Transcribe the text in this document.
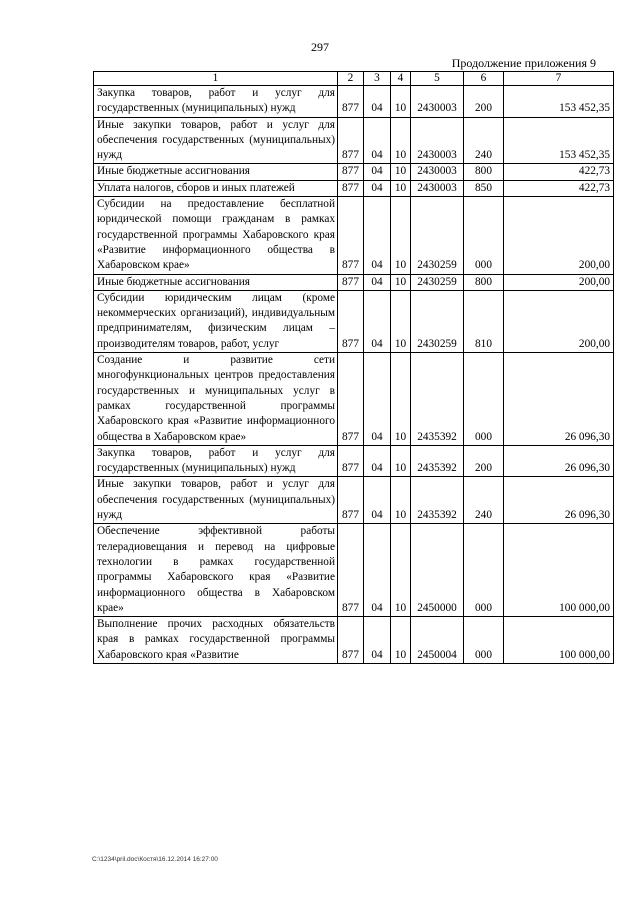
297
Продолжение приложения 9
1	2	3	4	5	6	7
Закупка товаров, работ и услуг для государственных (муниципальных) нужд	877	04	10	2430003	200	153 452,35
Иные закупки товаров, работ и услуг для обеспечения государственных (муниципальных) нужд	877	04	10	2430003	240	153 452,35
Иные бюджетные ассигнования	877	04	10	2430003	800	422,73
Уплата налогов, сборов и иных платежей	877	04	10	2430003	850	422,73
Субсидии на предоставление бесплатной юридической помощи гражданам в рамках государственной программы Хабаровского края «Развитие информационного общества в Хабаровском крае»	877	04	10	2430259	000	200,00
Иные бюджетные ассигнования	877	04	10	2430259	800	200,00
Субсидии юридическим лицам (кроме некоммерческих организаций), индивидуальным предпринимателям, физическим лицам – производителям товаров, работ, услуг	877	04	10	2430259	810	200,00
Создание и развитие сети многофункциональных центров предоставления государственных и муниципальных услуг в рамках государственной программы Хабаровского края «Развитие информационного общества в Хабаровском крае»	877	04	10	2435392	000	26 096,30
Закупка товаров, работ и услуг для государственных (муниципальных) нужд	877	04	10	2435392	200	26 096,30
Иные закупки товаров, работ и услуг для обеспечения государственных (муниципальных) нужд	877	04	10	2435392	240	26 096,30
Обеспечение эффективной работы телерадиовещания и перевод на цифровые технологии в рамках государственной программы Хабаровского края «Развитие информационного общества в Хабаровском крае»	877	04	10	2450000	000	100 000,00
Выполнение прочих расходных обязательств края в рамках государственной программы Хабаровского края «Развитие	877	04	10	2450004	000	100 000,00
C:\1234\pril.doc\Костя\16.12.2014 16:27:00
